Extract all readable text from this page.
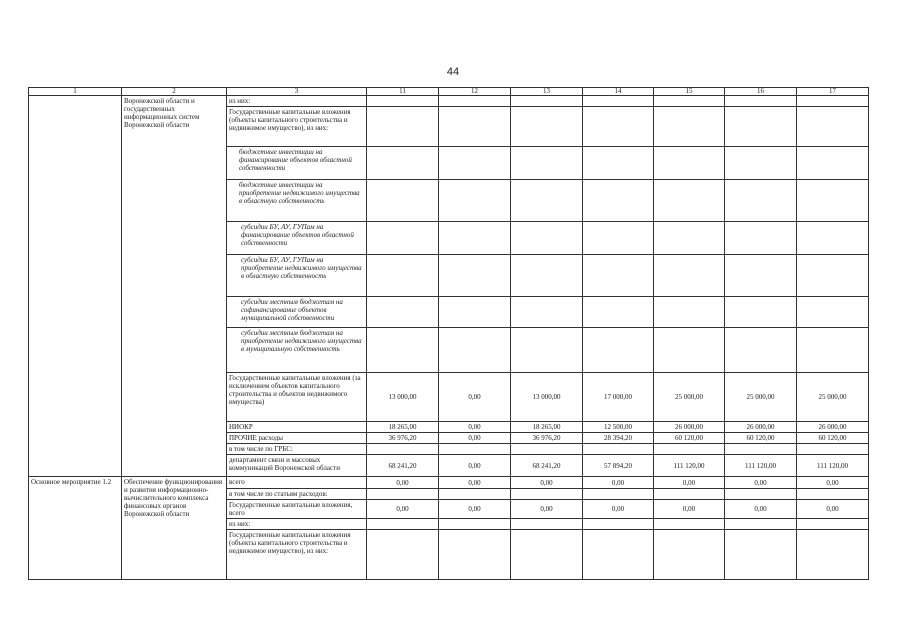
44
1	2	3	11	12	13	14	15	16	17
	Воронежской области и государственных информационных систем Воронежской области	из них:							
		Государственные капитальные вложения (объекты капитального строительства и недвижимое имущество), из них:							
		бюджетные инвестиции на финансирование объектов областной собственности							
		бюджетные инвестиции на приобретение недвижимого имущества в областную собственность							
		субсидии БУ, АУ, ГУПам на финансирование объектов областной собственности							
		субсидии БУ, АУ, ГУПам на приобретение недвижимого имущества в областную собственность							
		субсидии местным бюджетам на софинансирование объектов муниципальной собственности							
		субсидии местным бюджетам на приобретение недвижимого имущества в муниципальную собственность							
		Государственные капитальные вложения (за исключением объектов капитального строительства и объектов недвижимого имущества)	13 000,00	0,00	13 000,00	17 000,00	25 000,00	25 000,00	25 000,00
		НИОКР	18 265,00	0,00	18 265,00	12 500,00	26 000,00	26 000,00	26 000,00
		ПРОЧИЕ расходы	36 976,20	0,00	36 976,20	28 394,20	60 120,00	60 120,00	60 120,00
		в том числе по ГРБС:							
		департамент связи и массовых коммуникаций Воронежской области	68 241,20	0,00	68 241,20	57 894,20	111 120,00	111 120,00	111 120,00
Основное мероприятие 1.2	Обеспечение функционирования и развития информационно-вычислительного комплекса финансовых органов Воронежской области	всего	0,00	0,00	0,00	0,00	0,00	0,00	0,00
		в том числе по статьям расходов:							
		Государственные капитальные вложения, всего	0,00	0,00	0,00	0,00	0,00	0,00	0,00
		из них:							
		Государственные капитальные вложения (объекты капитального строительства и недвижимое имущество), из них:							
